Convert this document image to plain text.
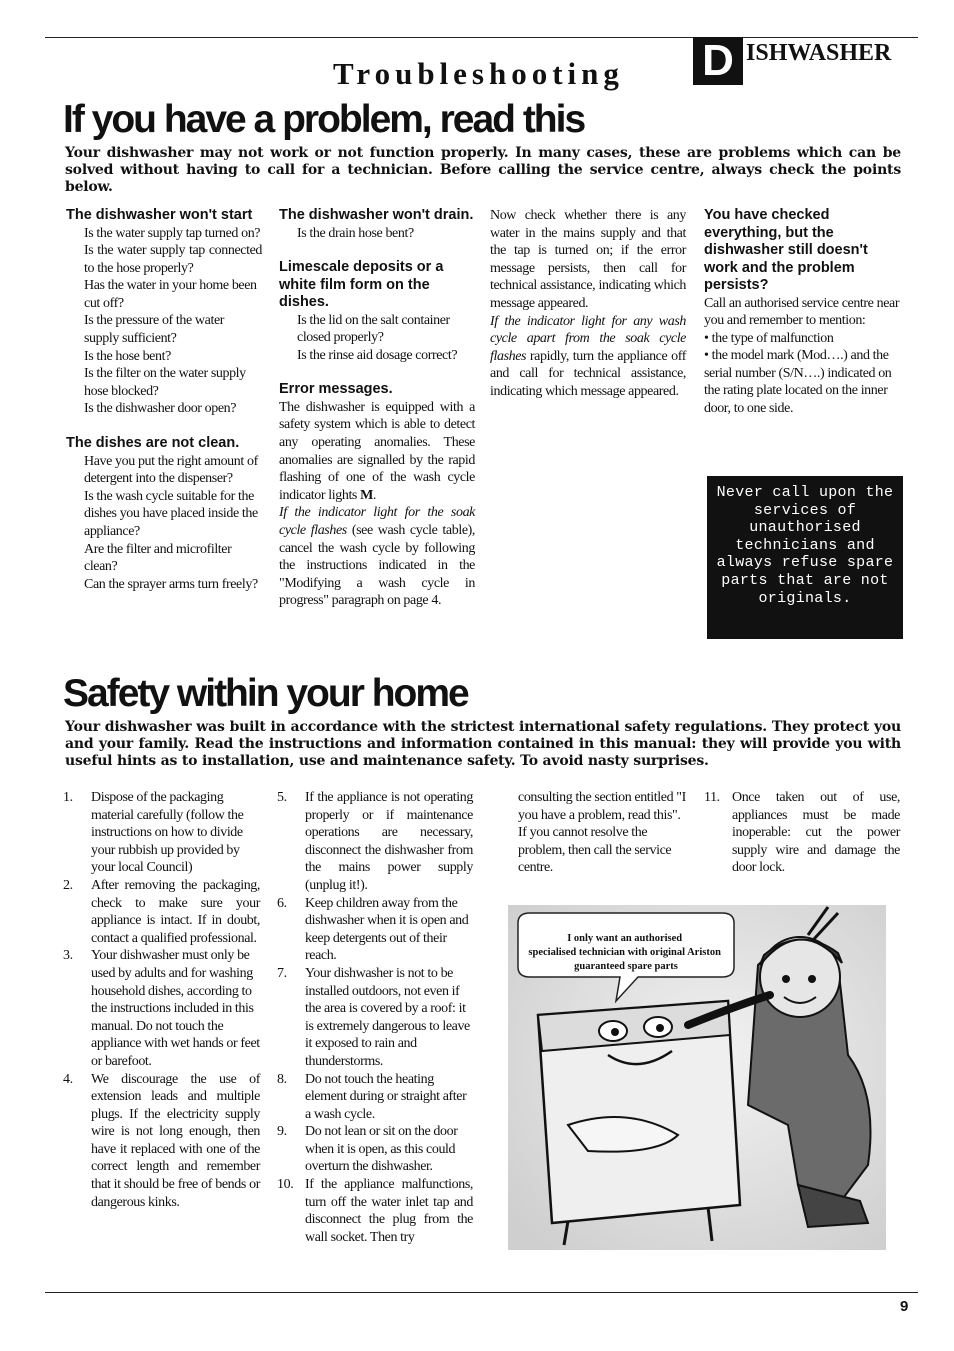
D ISHWASHER
Troubleshooting
If you have a problem, read this

Your dishwasher may not work or not function properly. In many cases, these are problems which can be solved without having to call for a technician. Before calling the service centre, always check the points below.

The dishwasher won't start
Is the water supply tap turned on?
Is the water supply tap connected to the hose properly?
Has the water in your home been cut off?
Is the pressure of the water supply sufficient?
Is the hose bent?
Is the filter on the water supply hose blocked?
Is the dishwasher door open?
The dishes are not clean.
Have you put the right amount of detergent into the dispenser?
Is the wash cycle suitable for the dishes you have placed inside the appliance?
Are the filter and microfilter clean?
Can the sprayer arms turn freely?
The dishwasher won't drain.
Is the drain hose bent?
Limescale deposits or a white film form on the dishes.
Is the lid on the salt container closed properly?
Is the rinse aid dosage correct?
Error messages.
The dishwasher is equipped with a safety system which is able to detect any operating anomalies. These anomalies are signalled by the rapid flashing of one of the wash cycle indicator lights M.
If the indicator light for the soak cycle flashes (see wash cycle table), cancel the wash cycle by following the instructions indicated in the "Modifying a wash cycle in progress" paragraph on page 4.
Now check whether there is any water in the mains supply and that the tap is turned on; if the error message persists, then call for technical assistance, indicating which message appeared.
If the indicator light for any wash cycle apart from the soak cycle flashes rapidly, turn the appliance off and call for technical assistance, indicating which message appeared.
You have checked everything, but the dishwasher still doesn't work and the problem persists?
Call an authorised service centre near you and remember to mention:
• the type of malfunction
• the model mark (Mod….) and the serial number (S/N….) indicated on the rating plate located on the inner door, to one side.
Never call upon the services of unauthorised technicians and always refuse spare parts that are not originals.
Safety within your home

Your dishwasher was built in accordance with the strictest international safety regulations. They protect you and your family. Read the instructions and information contained in this manual: they will provide you with useful hints as to installation, use and maintenance safety. To avoid nasty surprises.

1. Dispose of the packaging material carefully (follow the instructions on how to divide your rubbish up provided by your local Council)
2. After removing the packaging, check to make sure your appliance is intact. If in doubt, contact a qualified professional.
3. Your dishwasher must only be used by adults and for washing household dishes, according to the instructions included in this manual. Do not touch the appliance with wet hands or feet or barefoot.
4. We discourage the use of extension leads and multiple plugs. If the electricity supply wire is not long enough, then have it replaced with one of the correct length and remember that it should be free of bends or dangerous kinks.
5. If the appliance is not operating properly or if maintenance operations are necessary, disconnect the dishwasher from the mains power supply (unplug it!).
6. Keep children away from the dishwasher when it is open and keep detergents out of their reach.
7. Your dishwasher is not to be installed outdoors, not even if the area is covered by a roof: it is extremely dangerous to leave it exposed to rain and thunderstorms.
8. Do not touch the heating element during or straight after a wash cycle.
9. Do not lean or sit on the door when it is open, as this could overturn the dishwasher.
10. If the appliance malfunctions, turn off the water inlet tap and disconnect the plug from the wall socket. Then try
consulting the section entitled "I you have a problem, read this". If you cannot resolve the problem, then call the service centre.
11. Once taken out of use, appliances must be made inoperable: cut the power supply wire and damage the door lock.
I only want an authorised specialised technician with original Ariston guaranteed spare parts
9
